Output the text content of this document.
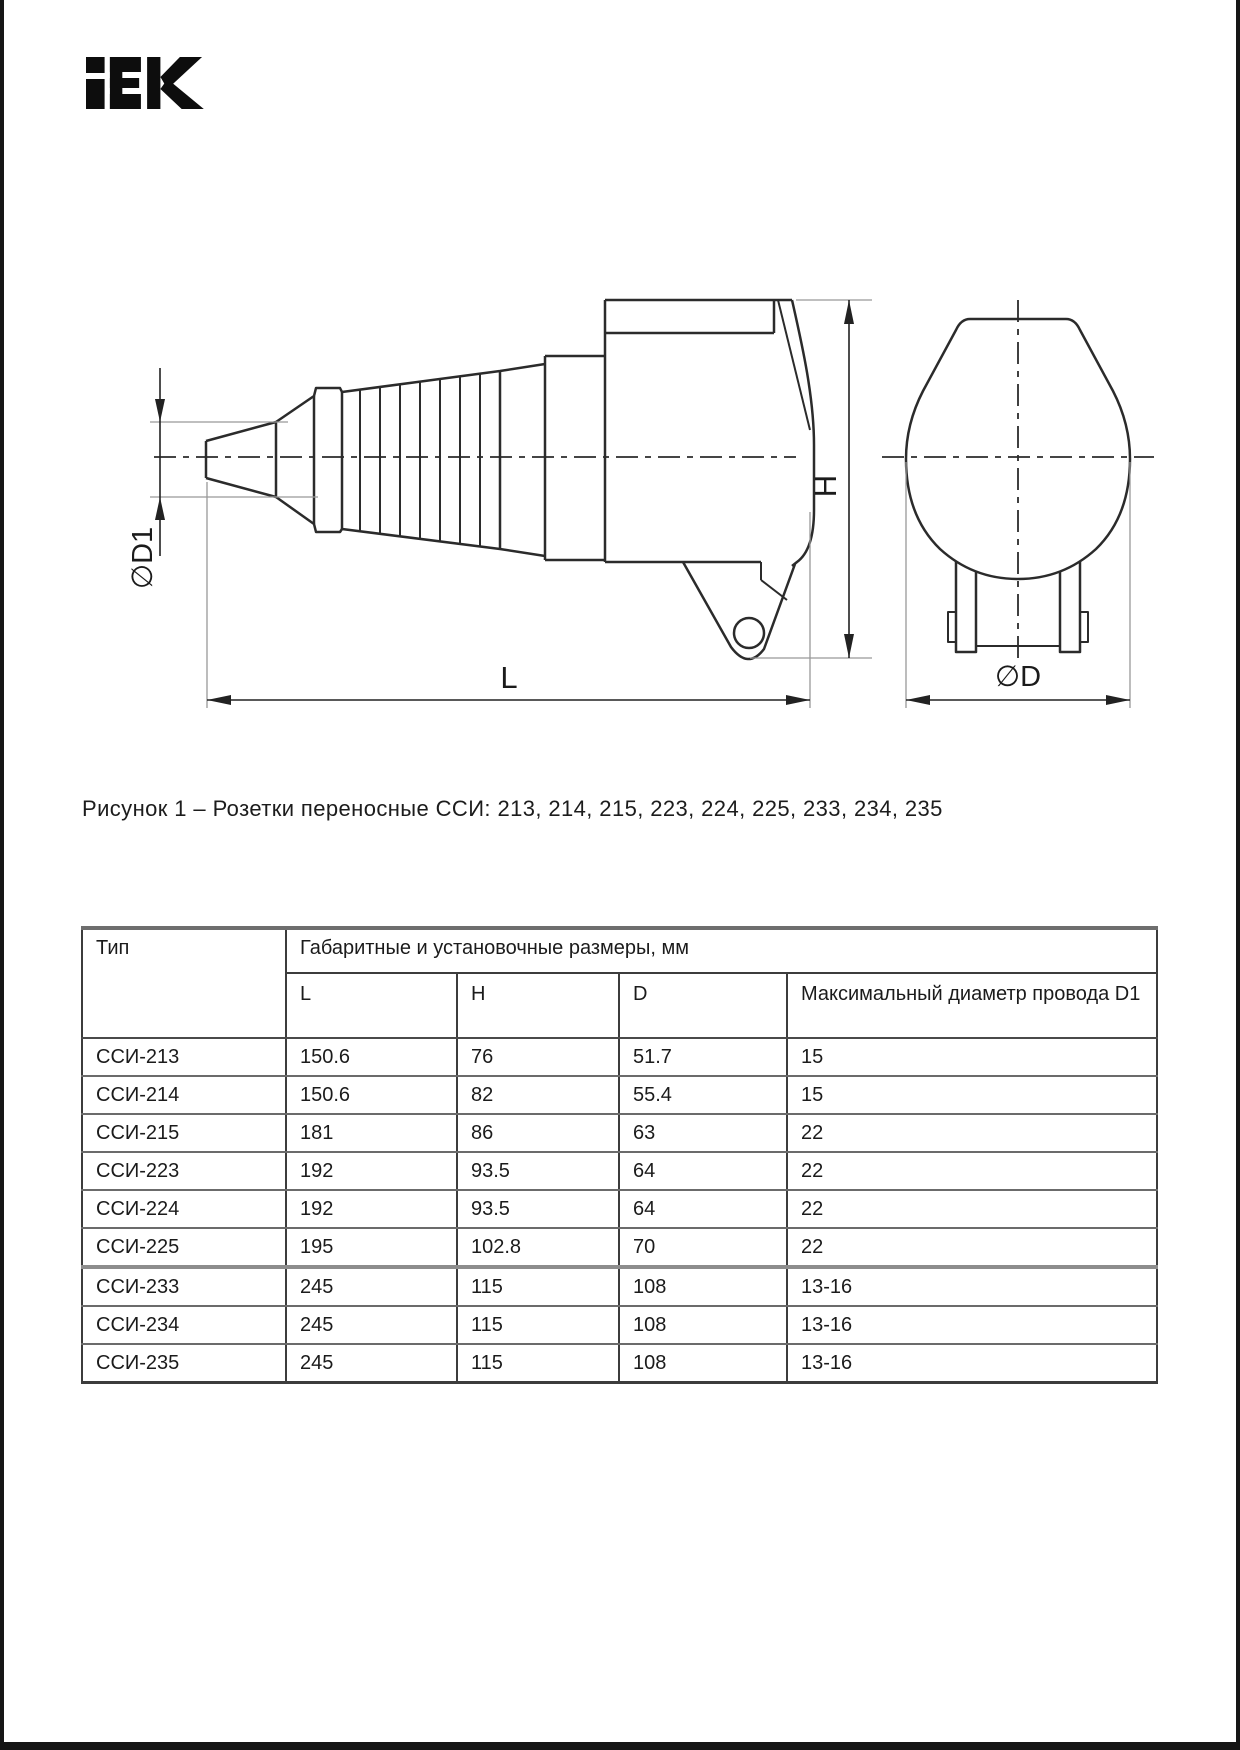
∅D1
L
H
∅D
Рисунок 1 – Розетки переносные ССИ: 213, 214, 215, 223, 224, 225, 233, 234, 235
Тип	Габаритные и установочные размеры, мм			
	L	H	D	Максимальный диаметр провода D1
ССИ-213	150.6	76	51.7	15
ССИ-214	150.6	82	55.4	15
ССИ-215	181	86	63	22
ССИ-223	192	93.5	64	22
ССИ-224	192	93.5	64	22
ССИ-225	195	102.8	70	22
ССИ-233	245	115	108	13-16
ССИ-234	245	115	108	13-16
ССИ-235	245	115	108	13-16
